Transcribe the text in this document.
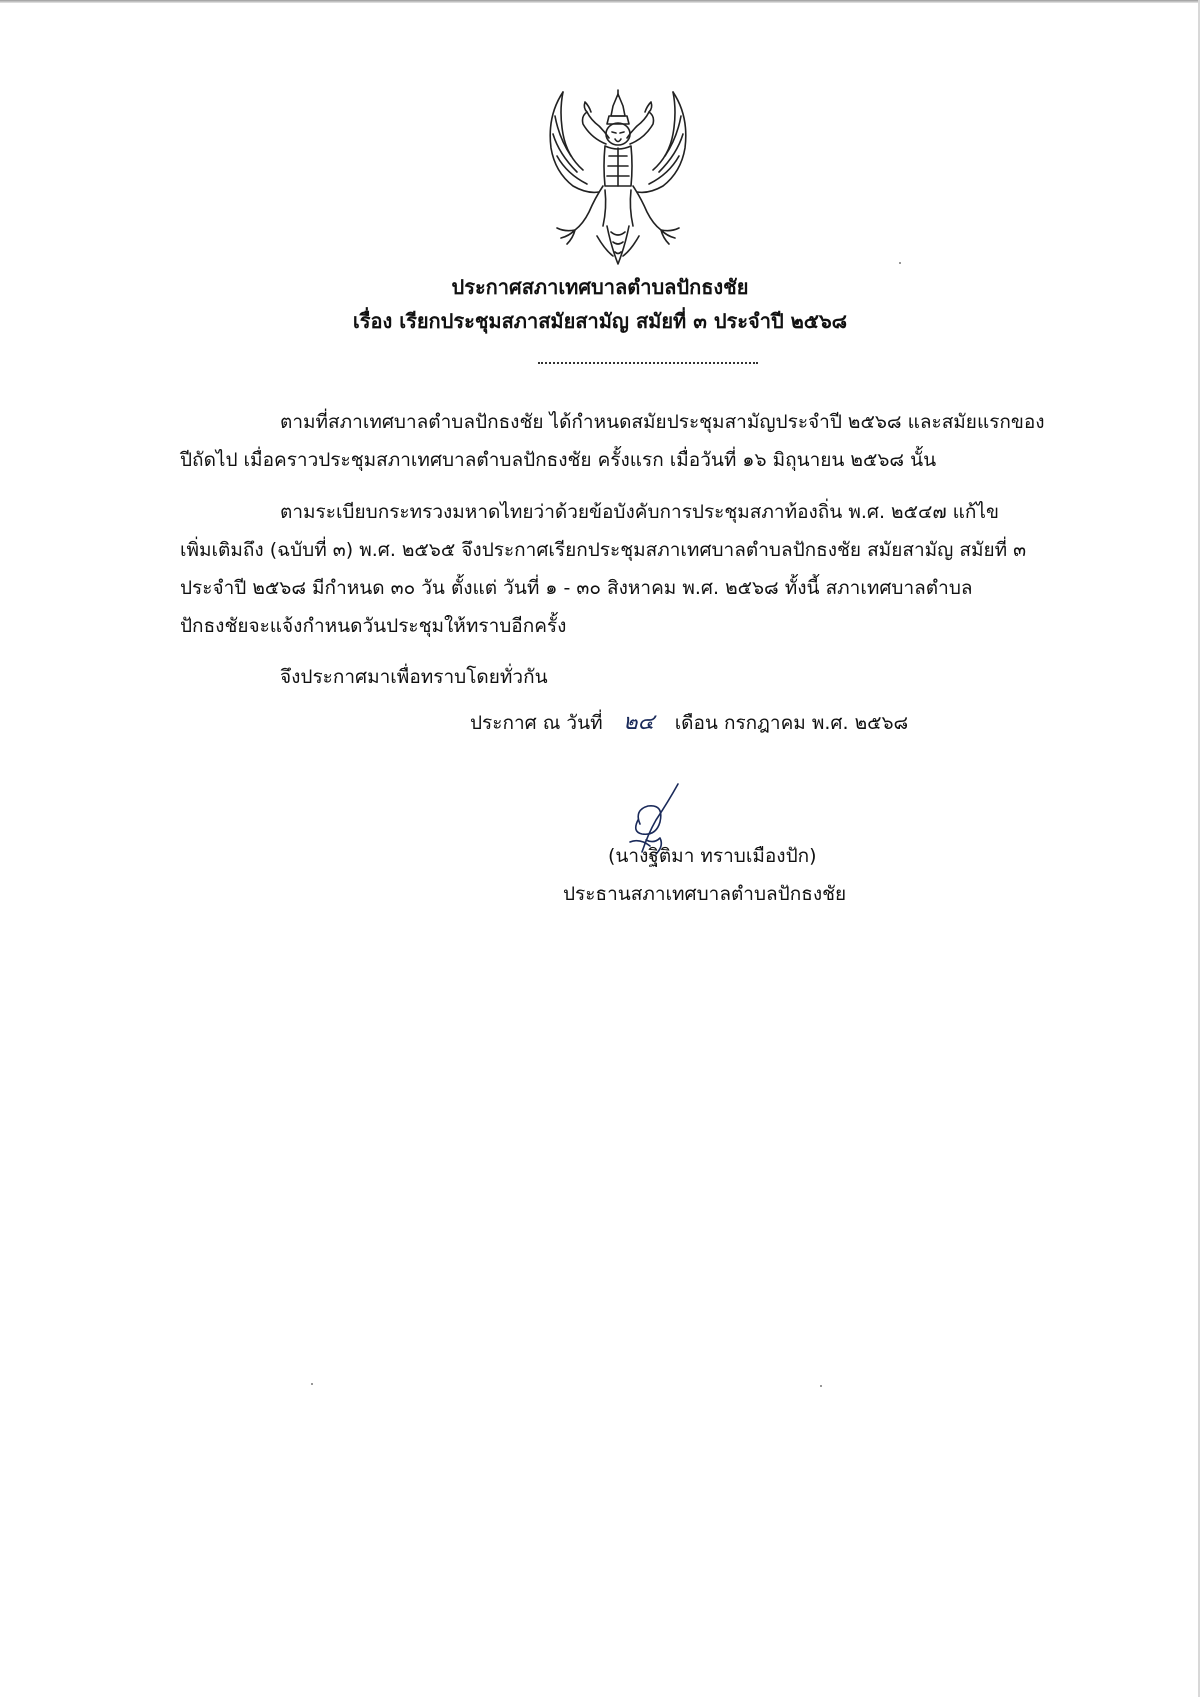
ประกาศสภาเทศบาลตำบลปักธงชัย
เรื่อง เรียกประชุมสภาสมัยสามัญ สมัยที่ ๓ ประจำปี ๒๕๖๘

ตามที่สภาเทศบาลตำบลปักธงชัย ได้กำหนดสมัยประชุมสามัญประจำปี ๒๕๖๘ และสมัยแรกของ
ปีถัดไป เมื่อคราวประชุมสภาเทศบาลตำบลปักธงชัย ครั้งแรก เมื่อวันที่ ๑๖ มิถุนายน ๒๕๖๘ นั้น

ตามระเบียบกระทรวงมหาดไทยว่าด้วยข้อบังคับการประชุมสภาท้องถิ่น พ.ศ. ๒๕๔๗ แก้ไข
เพิ่มเติมถึง (ฉบับที่ ๓) พ.ศ. ๒๕๖๕ จึงประกาศเรียกประชุมสภาเทศบาลตำบลปักธงชัย สมัยสามัญ สมัยที่ ๓
ประจำปี ๒๕๖๘ มีกำหนด ๓๐ วัน ตั้งแต่ วันที่ ๑ - ๓๐ สิงหาคม พ.ศ. ๒๕๖๘ ทั้งนี้ สภาเทศบาลตำบล
ปักธงชัยจะแจ้งกำหนดวันประชุมให้ทราบอีกครั้ง

จึงประกาศมาเพื่อทราบโดยทั่วกัน
ประกาศ ณ วันที่ ๒๔ เดือน กรกฎาคม พ.ศ. ๒๕๖๘
(นางฐิติมา ทราบเมืองปัก)
ประธานสภาเทศบาลตำบลปักธงชัย
